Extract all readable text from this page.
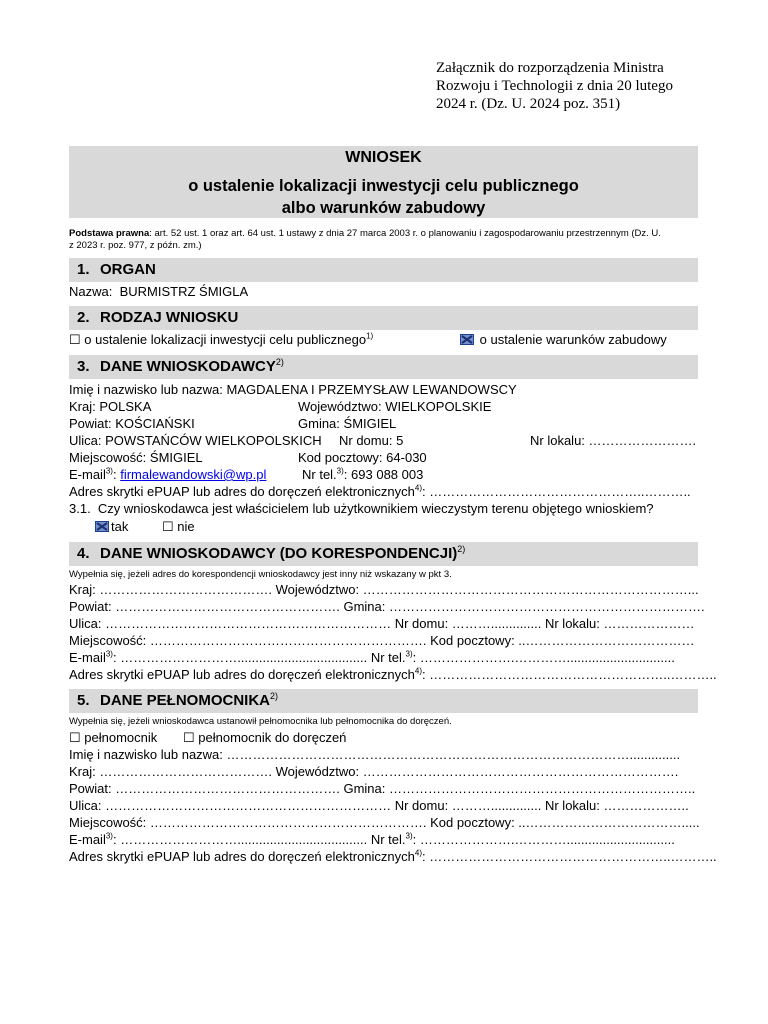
Załącznik do rozporządzenia Ministra
Rozwoju i Technologii z dnia 20 lutego
2024 r. (Dz. U. 2024 poz. 351)
WNIOSEK
o ustalenie lokalizacji inwestycji celu publicznego
albo warunków zabudowy
Podstawa prawna: art. 52 ust. 1 oraz art. 64 ust. 1 ustawy z dnia 27 marca 2003 r. o planowaniu i zagospodarowaniu przestrzennym (Dz. U.
z 2023 r. poz. 977, z późn. zm.)
1. ORGAN
Nazwa: BURMISTRZ ŚMIGLA
2. RODZAJ WNIOSKU
☐ o ustalenie lokalizacji inwestycji celu publicznego$^{1)}$	o ustalenie warunków zabudowy
3. DANE WNIOSKODAWCY$^{2)}$
Imię i nazwisko lub nazwa: MAGDALENA I PRZEMYSŁAW LEWANDOWSCY
Kraj: POLSKA	Województwo: WIELKOPOLSKIE
Powiat: KOŚCIAŃSKI	Gmina: ŚMIGIEL
Ulica: POWSTAŃCÓW WIELKOPOLSKICH Nr domu: 5	Nr lokalu: …………………….
Miejscowość: ŚMIGIEL	Kod pocztowy: 64-030
E-mail$^{3)}$: firmalewandowski@wp.pl	Nr tel.$^{3)}$: 693 088 003
Adres skrytki ePUAP lub adres do doręczeń elektronicznych$^{4)}$: …………………………………………..………..
3.1. Czy wnioskodawca jest właścicielem lub użytkownikiem wieczystym terenu objętego wnioskiem?
tak	☐ nie
4. DANE WNIOSKODAWCY (DO KORESPONDENCJI)$^{2)}$
Wypełnia się, jeżeli adres do korespondencji wnioskodawcy jest inny niż wskazany w pkt 3.
Kraj: …………………………………. Województwo: …………………………………………………………………...
Powiat: ……………………………………………. Gmina: ……………………………………………………………….
Ulica: ………………………………………………………… Nr domu: ……….............. Nr lokalu: …………………
Miejscowość: ………………………………………………………. Kod pocztowy: ..…………………………………
E-mail$^{3)}$: ……………………….................................... Nr tel.$^{3)}$: ………………….…………..............................
Adres skrytki ePUAP lub adres do doręczeń elektronicznych$^{4)}$: ………………………………………………..………..
5. DANE PEŁNOMOCNIKA$^{2)}$
Wypełnia się, jeżeli wnioskodawca ustanowił pełnomocnika lub pełnomocnika do doręczeń.
☐ pełnomocnik ☐ pełnomocnik do doręczeń
Imię i nazwisko lub nazwa: …………………………………………………………………………………..............
Kraj: …………………………………. Województwo: ……………………………………………………………….
Powiat: ……………………………………………. Gmina: ……………………………………………………………..
Ulica: ………………………………………………………… Nr domu: ……….............. Nr lokalu: ………………..
Miejscowość: ………………………………………………………. Kod pocztowy: ..……………………………….....
E-mail$^{3)}$: ……………………….................................... Nr tel.$^{3)}$: ………………….…………..............................
Adres skrytki ePUAP lub adres do doręczeń elektronicznych$^{4)}$: ………………………………………………..………..
